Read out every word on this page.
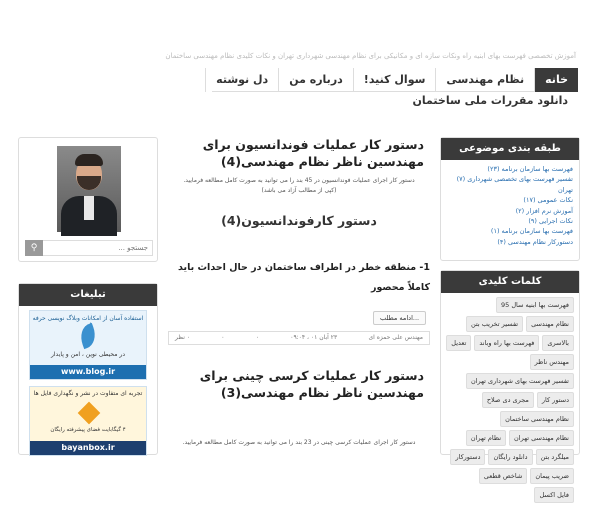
آموزش تخصصی فهرست بهای ابنیه راه ونکات سازه ای و مکانیکی برای نظام مهندسی شهرداری تهران و نکات کلیدی نظام مهندسی ساختمان
خانه
نظام مهندسی
سوال کنید!
درباره من
دل نوشته
دانلود مقررات ملی ساختمان
طبقه بندی موضوعی
فهرست بها سازمان برنامه (۲۳)
تفسیر فهرست بهای تخصصی شهرداری (۷)
تهران
نکات عمومی (۱۷)
آموزش نرم افزار (۲)
نکات اجرایی (۹)
فهرست بها سازمان برنامه (۱)
دستورکار نظام مهندسی (۴)
کلمات کلیدی
فهرست بها ابنیه سال 95
نظام مهندسی
تفسیر تخریب بتن
بالاسری
فهرست بها راه وباند
تعدیل
مهندس ناظر
تفسیر فهرست بهای شهرداری تهران
دستور کار
مجری دی صلاح
نظام مهندسی ساختمان
نظام مهندسی تهران
نظام تهران
میلگرد بتن
دانلود رایگان
دستورکار
ضریب پیمان
شاخص قطعی
فایل اکسل
⚲
جستجو ...
تبلیغات
استفاده آسان از امکانات وبلاگ نویسی حرفه
در محیطی نوین ، امن و پایدار
www.blog.ir
تجربه ای متفاوت در نشر و نگهداری فایل ها
۴ گیگابایت فضای پیشرفته رایگان
bayanbox.ir
دستور کار عملیات فوندانسیون برای مهندسین ناظر نظام مهندسی(4)
دستور کار اجرای عملیات فوندانسیون در 45 بند را می توانید به صورت کامل مطالعه فرمایید.
(کپی از مطالب آزاد می باشد)
دستور کارفوندانسیون(4)
1- منطقه خطر در اطراف ساختمان در حال احداث باید کاملاً محصور
ادامه مطلب...
مهندس علی حمزه ای
۲۳ آبان ۰۱ ، ۰۹:۰۴
۰
۰
۰ نظر
دستور کار عملیات کرسی چینی برای مهندسین ناظر نظام مهندسی(3)
دستور کار اجرای عملیات کرسی چینی در 23 بند را می توانید به صورت کامل مطالعه فرمایید.
